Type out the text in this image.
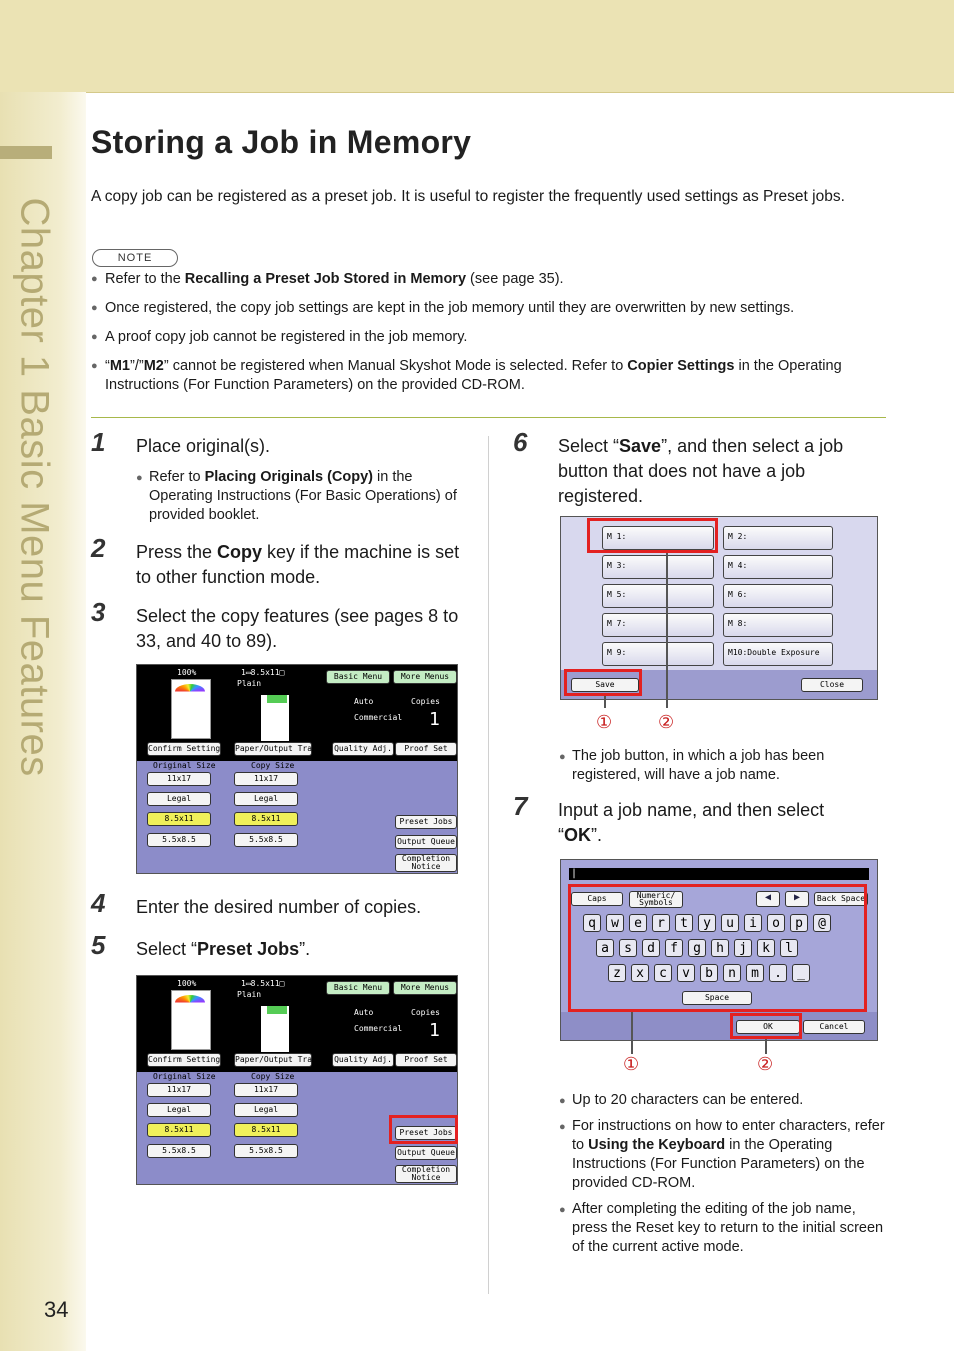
Chapter 1 Basic Menu Features
34
Storing a Job in Memory

A copy job can be registered as a preset job. It is useful to register the frequently used settings as Preset jobs.

NOTE
● Refer to the Recalling a Preset Job Stored in Memory (see page 35).
● Once registered, the copy job settings are kept in the job memory until they are overwritten by new settings.
● A proof copy job cannot be registered in the job memory.
● “M1”/”M2” cannot be registered when Manual Skyshot Mode is selected. Refer to Copier Settings in the Operating Instructions (For Function Parameters) on the provided CD-ROM.
1 Place original(s).

● Refer to Placing Originals (Copy) in the Operating Instructions (For Basic Operations) of provided booklet.
2 Press the Copy key if the machine is set to other function mode.

3 Select the copy features (see pages 8 to 33, and 40 to 89).

100%	1▭8.5x11□
Plain
Basic Menu	More Menus
Auto	Copies
Commercial 1
Confirm Settings Paper/Output Tray Quality Adj.	Proof Set
Original Size	Copy Size
11x17
Legal
8.5x11
5.5x8.5
11x17
Legal
8.5x11
5.5x8.5
Preset Jobs
Output Queue
Completion Notice
4 Enter the desired number of copies.

5 Select “Preset Jobs”.

100%	1▭8.5x11□
Plain
Basic Menu	More Menus
Auto	Copies
Commercial 1
Confirm Settings Paper/Output Tray Quality Adj.	Proof Set
Original Size	Copy Size
11x17
Legal
8.5x11
5.5x8.5
11x17
Legal
8.5x11
5.5x8.5
Preset Jobs
Output Queue
Completion Notice
6 Select “Save”, and then select a job button that does not have a job registered.

M 1:	M 2:
M 3:	M 4:
M 5:	M 6:
M 7:	M 8:
M 9:	M10:Double Exposure
Save	Close
①	②
● The job button, in which a job has been registered, will have a job name.
7 Input a job name, and then select “OK”.

|
Caps	Numeric/ Symbols	◀	▶	Back Space
q w e r t y u i o p @
a s d f g h j k l
z x c v b n m . _
Space
OK	Cancel
①	②
● Up to 20 characters can be entered.
● For instructions on how to enter characters, refer to Using the Keyboard in the Operating Instructions (For Function Parameters) on the provided CD-ROM.
● After completing the editing of the job name, press the Reset key to return to the initial screen of the current active mode.
